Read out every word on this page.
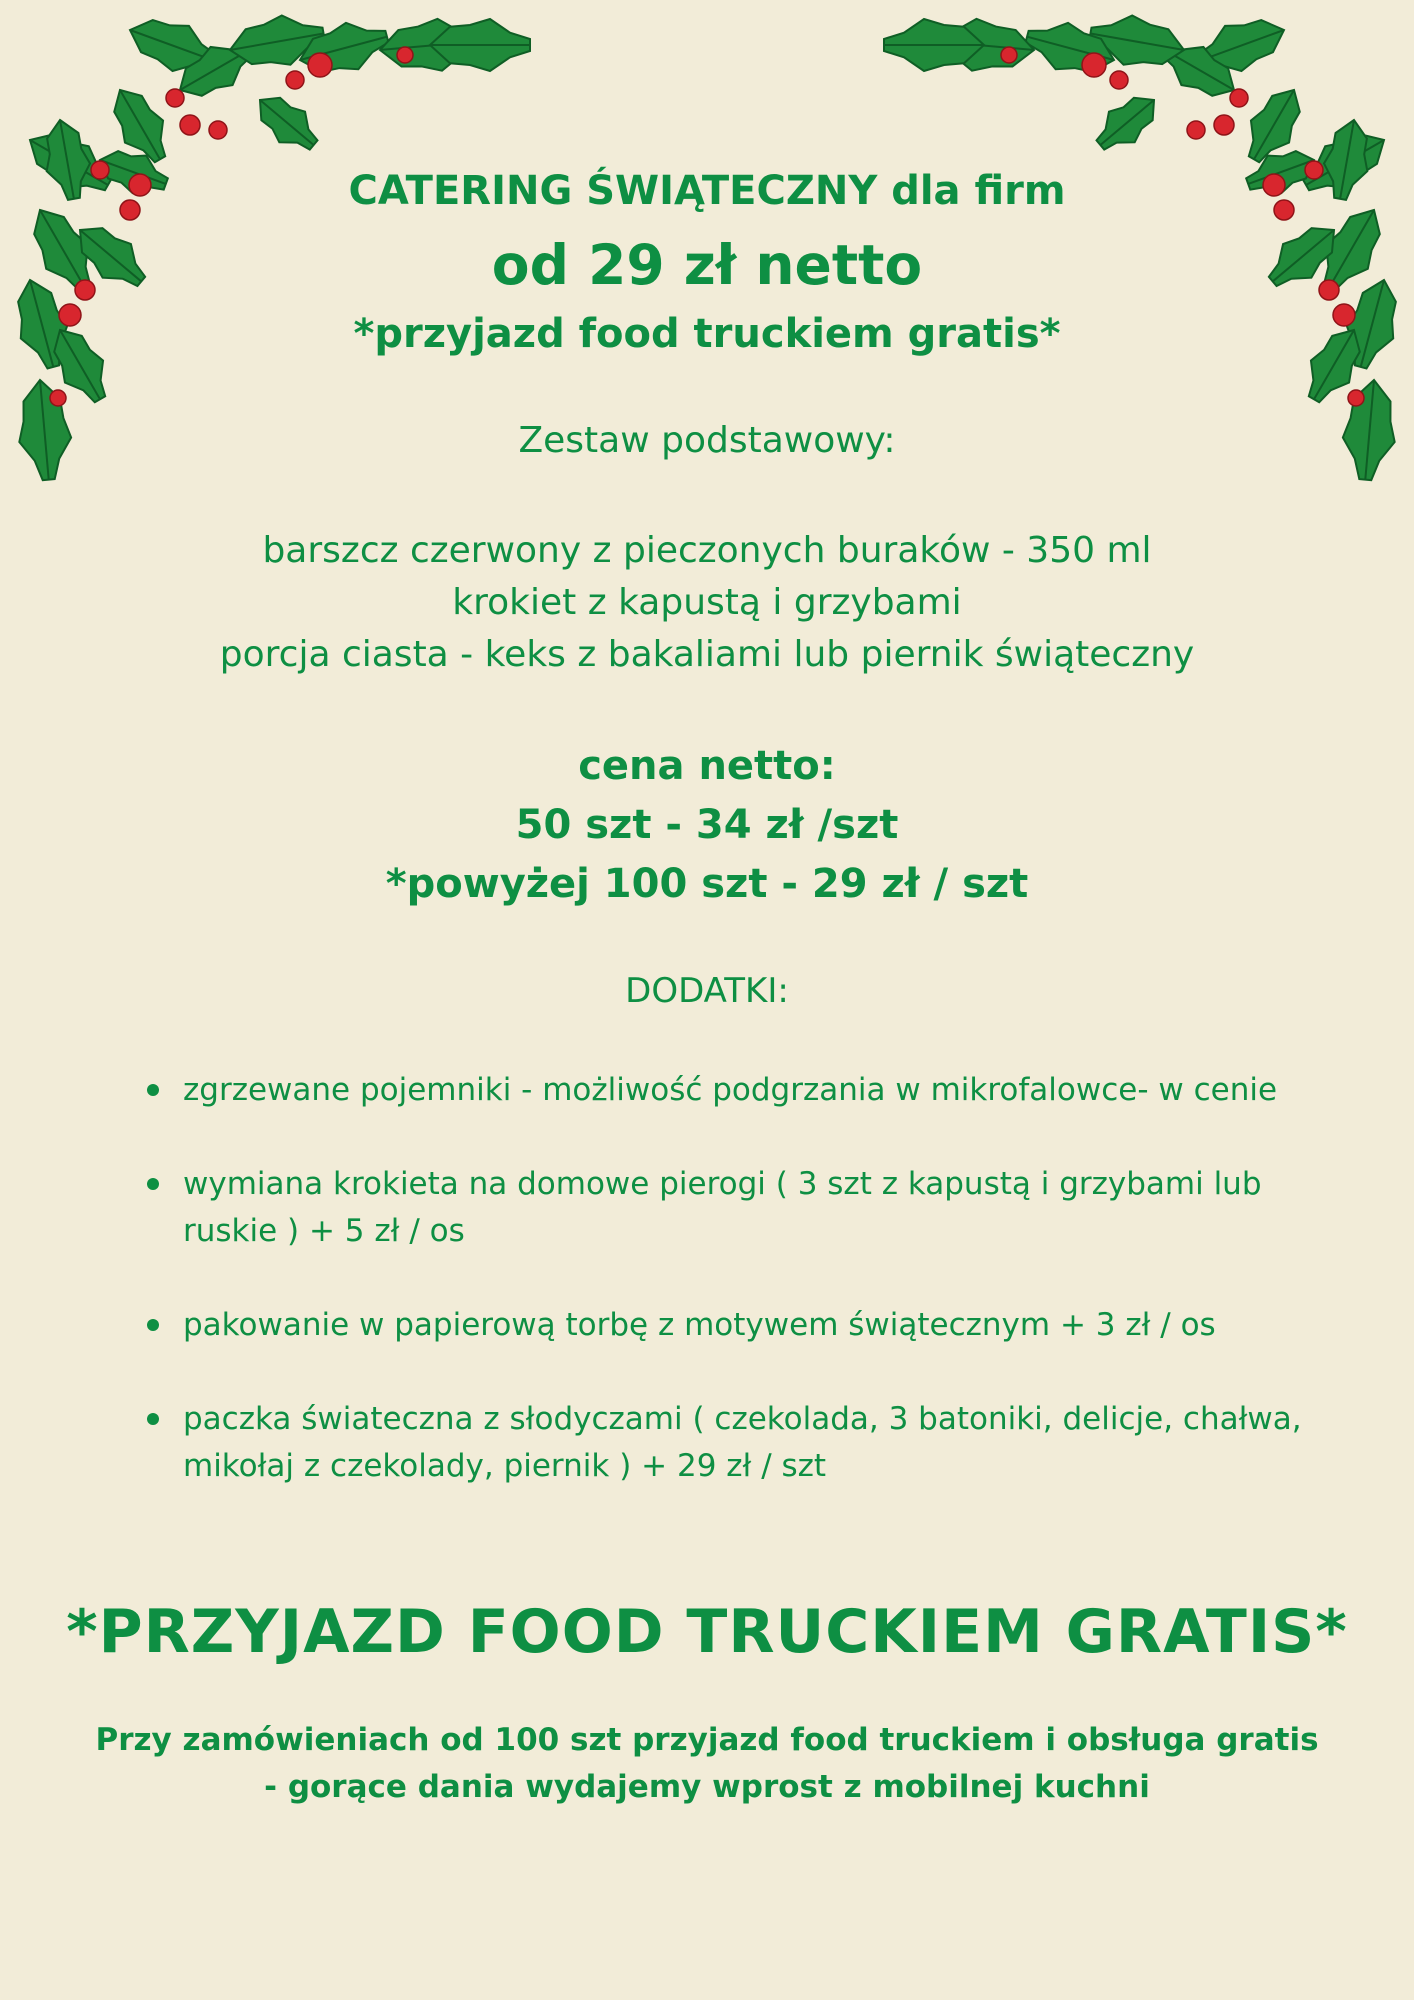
CATERING ŚWIĄTECZNY dla firm
od 29 zł netto
*przyjazd food truckiem gratis*
Zestaw podstawowy:
barszcz czerwony z pieczonych buraków - 350 ml
krokiet z kapustą i grzybami
porcja ciasta - keks z bakaliami lub piernik świąteczny
cena netto:
50 szt - 34 zł /szt
*powyżej 100 szt - 29 zł / szt
DODATKI:
zgrzewane pojemniki - możliwość podgrzania w mikrofalowce- w cenie
wymiana krokieta na domowe pierogi ( 3 szt z kapustą i grzybami lub ruskie ) + 5 zł / os
pakowanie w papierową torbę z motywem świątecznym + 3 zł / os
paczka świateczna z słodyczami ( czekolada, 3 batoniki, delicje, chałwa, mikołaj z czekolady, piernik ) + 29 zł / szt
*PRZYJAZD FOOD TRUCKIEM GRATIS*
Przy zamówieniach od 100 szt przyjazd food truckiem i obsługa gratis
- gorące dania wydajemy wprost z mobilnej kuchni
